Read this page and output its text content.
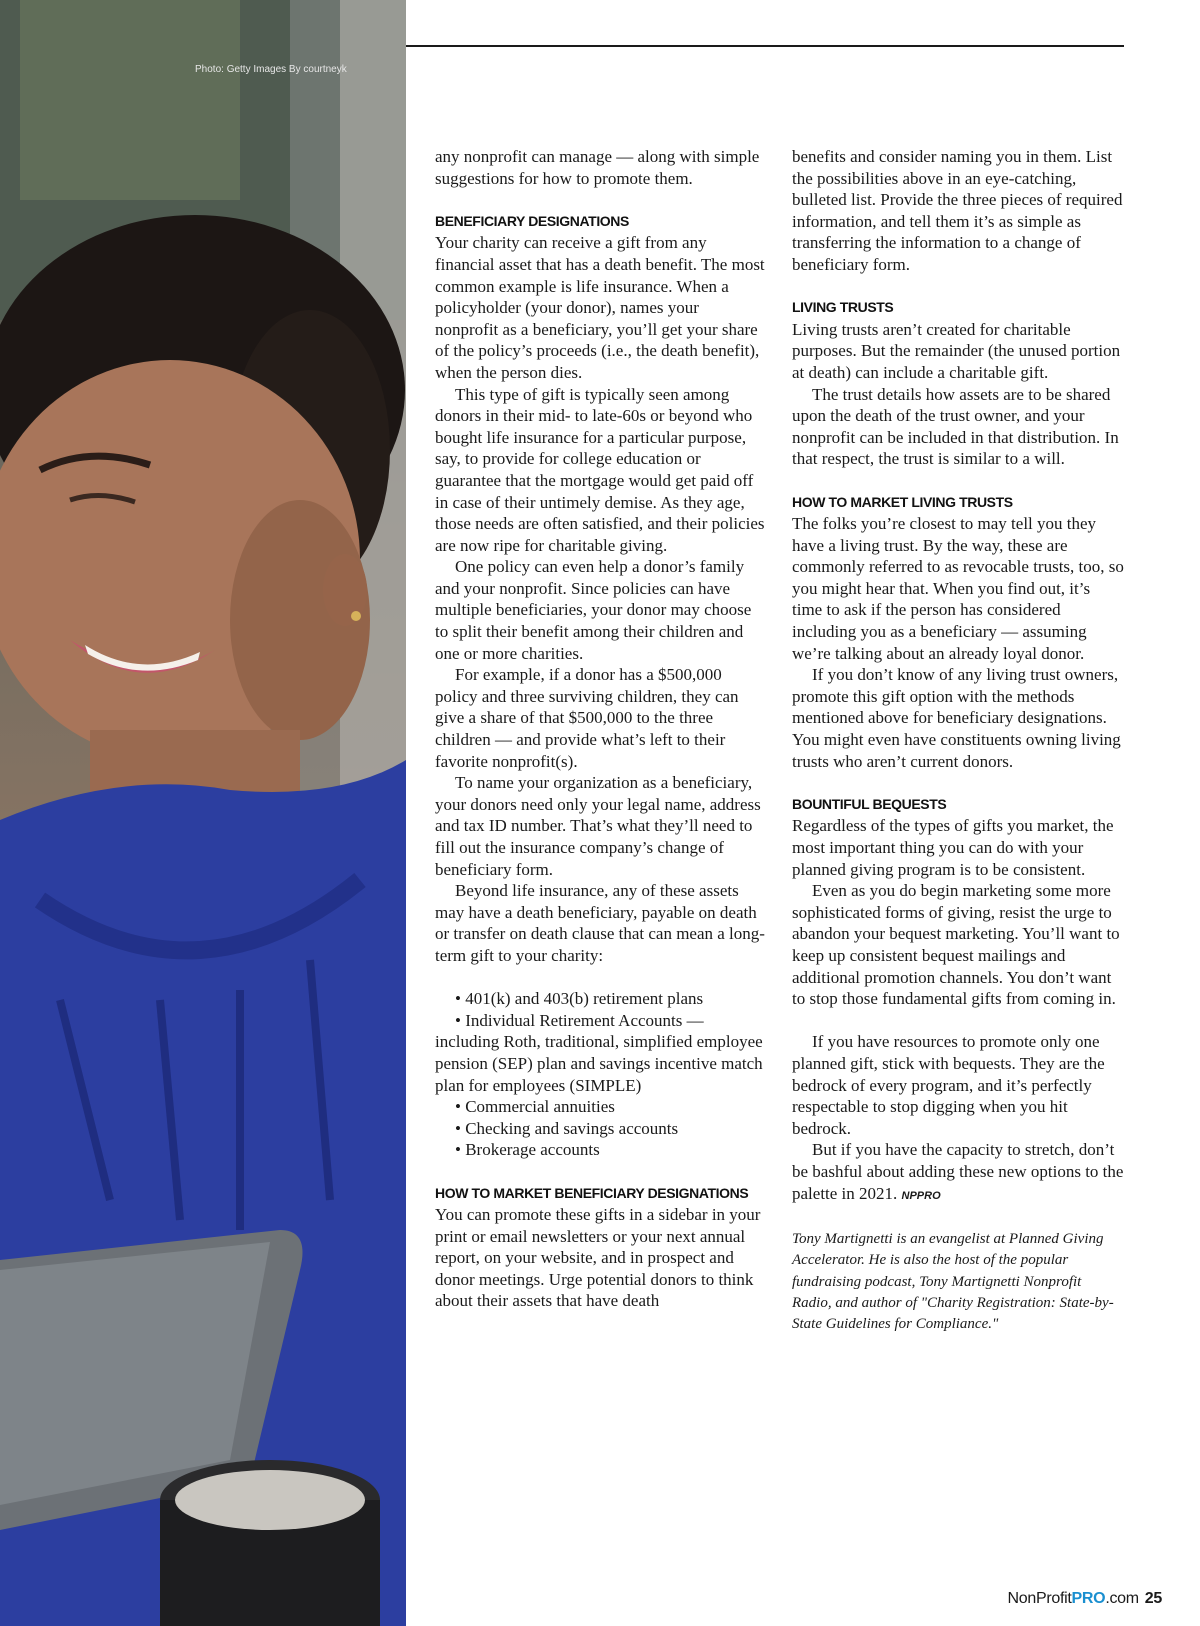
Photo: Getty Images By courtneyk

any nonprofit can manage — along with simple suggestions for how to promote them.

BENEFICIARY DESIGNATIONS

Your charity can receive a gift from any financial asset that has a death benefit. The most common example is life insurance. When a policyholder (your donor), names your nonprofit as a beneficiary, you’ll get your share of the policy’s proceeds (i.e., the death benefit), when the person dies.

This type of gift is typically seen among donors in their mid- to late-60s or beyond who bought life insurance for a particular purpose, say, to provide for college education or guarantee that the mortgage would get paid off in case of their untimely demise. As they age, those needs are often satisfied, and their policies are now ripe for charitable giving.

One policy can even help a donor’s family and your nonprofit. Since policies can have multiple beneficiaries, your donor may choose to split their benefit among their children and one or more charities.

For example, if a donor has a $500,000 policy and three surviving children, they can give a share of that $500,000 to the three children — and provide what’s left to their favorite nonprofit(s).

To name your organization as a beneficiary, your donors need only your legal name, address and tax ID number. That’s what they’ll need to fill out the insurance company’s change of beneficiary form.

Beyond life insurance, any of these assets may have a death beneficiary, payable on death or transfer on death clause that can mean a long-term gift to your charity:

• 401(k) and 403(b) retirement plans

• Individual Retirement Accounts — including Roth, traditional, simplified employee pension (SEP) plan and savings incentive match plan for employees (SIMPLE)

• Commercial annuities

• Checking and savings accounts

• Brokerage accounts

HOW TO MARKET BENEFICIARY DESIGNATIONS

You can promote these gifts in a sidebar in your print or email newsletters or your next annual report, on your website, and in prospect and donor meetings. Urge potential donors to think about their assets that have death

benefits and consider naming you in them. List the possibilities above in an eye-catching, bulleted list. Provide the three pieces of required information, and tell them it’s as simple as transferring the information to a change of beneficiary form.

LIVING TRUSTS

Living trusts aren’t created for charitable purposes. But the remainder (the unused portion at death) can include a charitable gift.

The trust details how assets are to be shared upon the death of the trust owner, and your nonprofit can be included in that distribution. In that respect, the trust is similar to a will.

HOW TO MARKET LIVING TRUSTS

The folks you’re closest to may tell you they have a living trust. By the way, these are commonly referred to as revocable trusts, too, so you might hear that. When you find out, it’s time to ask if the person has considered including you as a beneficiary — assuming we’re talking about an already loyal donor.

If you don’t know of any living trust owners, promote this gift option with the methods mentioned above for beneficiary designations. You might even have constituents owning living trusts who aren’t current donors.

BOUNTIFUL BEQUESTS

Regardless of the types of gifts you market, the most important thing you can do with your planned giving program is to be consistent.

Even as you do begin marketing some more sophisticated forms of giving, resist the urge to abandon your bequest marketing. You’ll want to keep up consistent bequest mailings and additional promotion channels. You don’t want to stop those fundamental gifts from coming in.

If you have resources to promote only one planned gift, stick with bequests. They are the bedrock of every program, and it’s perfectly respectable to stop digging when you hit bedrock.

But if you have the capacity to stretch, don’t be bashful about adding these new options to the palette in 2021. NPPRO

Tony Martignetti is an evangelist at Planned Giving Accelerator. He is also the host of the popular fundraising podcast, Tony Martignetti Nonprofit Radio, and author of "Charity Registration: State-by-State Guidelines for Compliance."

NonProfitPRO.com 25
